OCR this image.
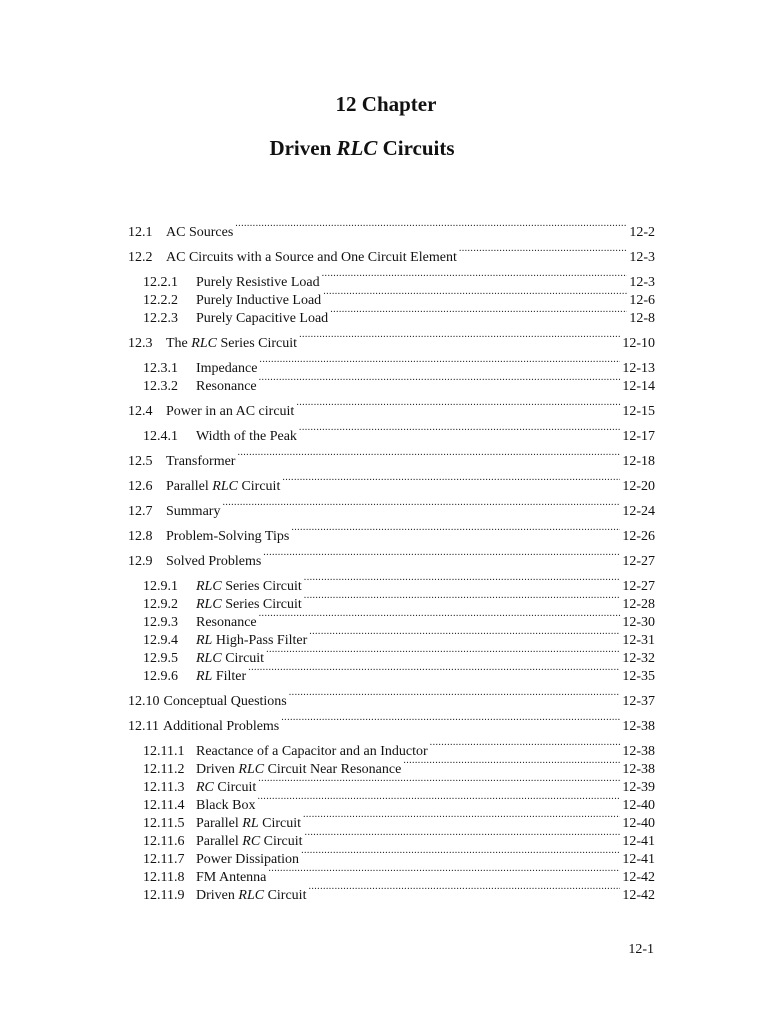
12 Chapter
Driven RLC Circuits
12.1 AC Sources .....	12-2
12.2 AC Circuits with a Source and One Circuit Element .....	12-3
12.2.1	Purely Resistive Load .....	12-3
12.2.2	Purely Inductive Load .....	12-6
12.2.3	Purely Capacitive Load .....	12-8
12.3 The RLC Series Circuit .....	12-10
12.3.1	Impedance .....	12-13
12.3.2	Resonance .....	12-14
12.4 Power in an AC circuit .....	12-15
12.4.1	Width of the Peak .....	12-17
12.5 Transformer .....	12-18
12.6 Parallel RLC Circuit .....	12-20
12.7 Summary .....	12-24
12.8 Problem-Solving Tips .....	12-26
12.9 Solved Problems .....	12-27
12.9.1	RLC Series Circuit .....	12-27
12.9.2	RLC Series Circuit .....	12-28
12.9.3	Resonance .....	12-30
12.9.4	RL High-Pass Filter .....	12-31
12.9.5	RLC Circuit .....	12-32
12.9.6	RL Filter .....	12-35
12.10 Conceptual Questions .....	12-37
12.11 Additional Problems .....	12-38
12.11.1 Reactance of a Capacitor and an Inductor .....	12-38
12.11.2 Driven RLC Circuit Near Resonance .....	12-38
12.11.3 RC Circuit .....	12-39
12.11.4 Black Box .....	12-40
12.11.5 Parallel RL Circuit .....	12-40
12.11.6 Parallel RC Circuit .....	12-41
12.11.7 Power Dissipation .....	12-41
12.11.8 FM Antenna .....	12-42
12.11.9 Driven RLC Circuit .....	12-42
12-1
